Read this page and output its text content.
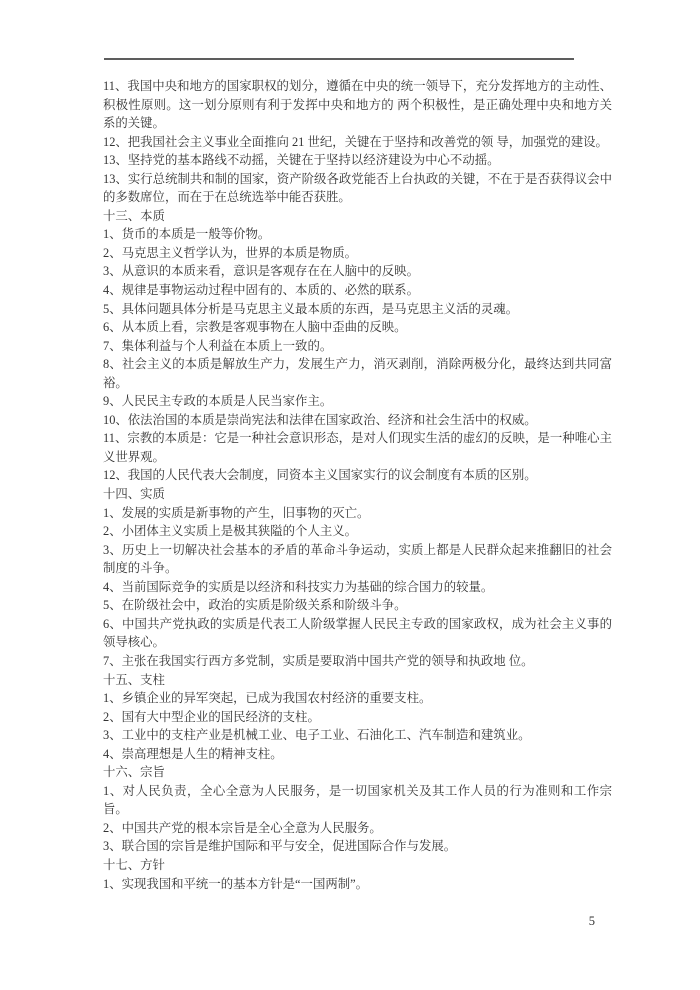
11、我国中央和地方的国家职权的划分，遵循在中央的统一领导下，充分发挥地方的主动性、积极性原则。这一划分原则有利于发挥中央和地方的 两个积极性，是正确处理中央和地方关系的关键。

12、把我国社会主义事业全面推向 21 世纪，关键在于坚持和改善党的领 导，加强党的建设。

13、坚持党的基本路线不动摇，关键在于坚持以经济建设为中心不动摇。

13、实行总统制共和制的国家，资产阶级各政党能否上台执政的关键，不在于是否获得议会中的多数席位，而在于在总统选举中能否获胜。

十三、本质

1、货币的本质是一般等价物。

2、马克思主义哲学认为，世界的本质是物质。

3、从意识的本质来看，意识是客观存在在人脑中的反映。

4、规律是事物运动过程中固有的、本质的、必然的联系。

5、具体问题具体分析是马克思主义最本质的东西，是马克思主义活的灵魂。

6、从本质上看，宗教是客观事物在人脑中歪曲的反映。

7、集体利益与个人利益在本质上一致的。

8、社会主义的本质是解放生产力，发展生产力，消灭剥削，消除两极分化，最终达到共同富裕。

9、人民民主专政的本质是人民当家作主。

10、依法治国的本质是崇尚宪法和法律在国家政治、经济和社会生活中的权威。

11、宗教的本质是：它是一种社会意识形态，是对人们现实生活的虚幻的反映，是一种唯心主义世界观。

12、我国的人民代表大会制度，同资本主义国家实行的议会制度有本质的区别。

十四、实质

1、发展的实质是新事物的产生，旧事物的灭亡。

2、小团体主义实质上是极其狭隘的个人主义。

3、历史上一切解决社会基本的矛盾的革命斗争运动，实质上都是人民群众起来推翻旧的社会制度的斗争。

4、当前国际竞争的实质是以经济和科技实力为基础的综合国力的较量。

5、在阶级社会中，政治的实质是阶级关系和阶级斗争。

6、中国共产党执政的实质是代表工人阶级掌握人民民主专政的国家政权，成为社会主义事的领导核心。

7、主张在我国实行西方多党制，实质是要取消中国共产党的领导和执政地 位。

十五、支柱

1、乡镇企业的异军突起，已成为我国农村经济的重要支柱。

2、国有大中型企业的国民经济的支柱。

3、工业中的支柱产业是机械工业、电子工业、石油化工、汽车制造和建筑业。

4、崇高理想是人生的精神支柱。

十六、宗旨

1、对人民负责，全心全意为人民服务，是一切国家机关及其工作人员的行为准则和工作宗旨。

2、中国共产党的根本宗旨是全心全意为人民服务。

3、联合国的宗旨是维护国际和平与安全，促进国际合作与发展。

十七、方针

1、实现我国和平统一的基本方针是“一国两制”。

5
